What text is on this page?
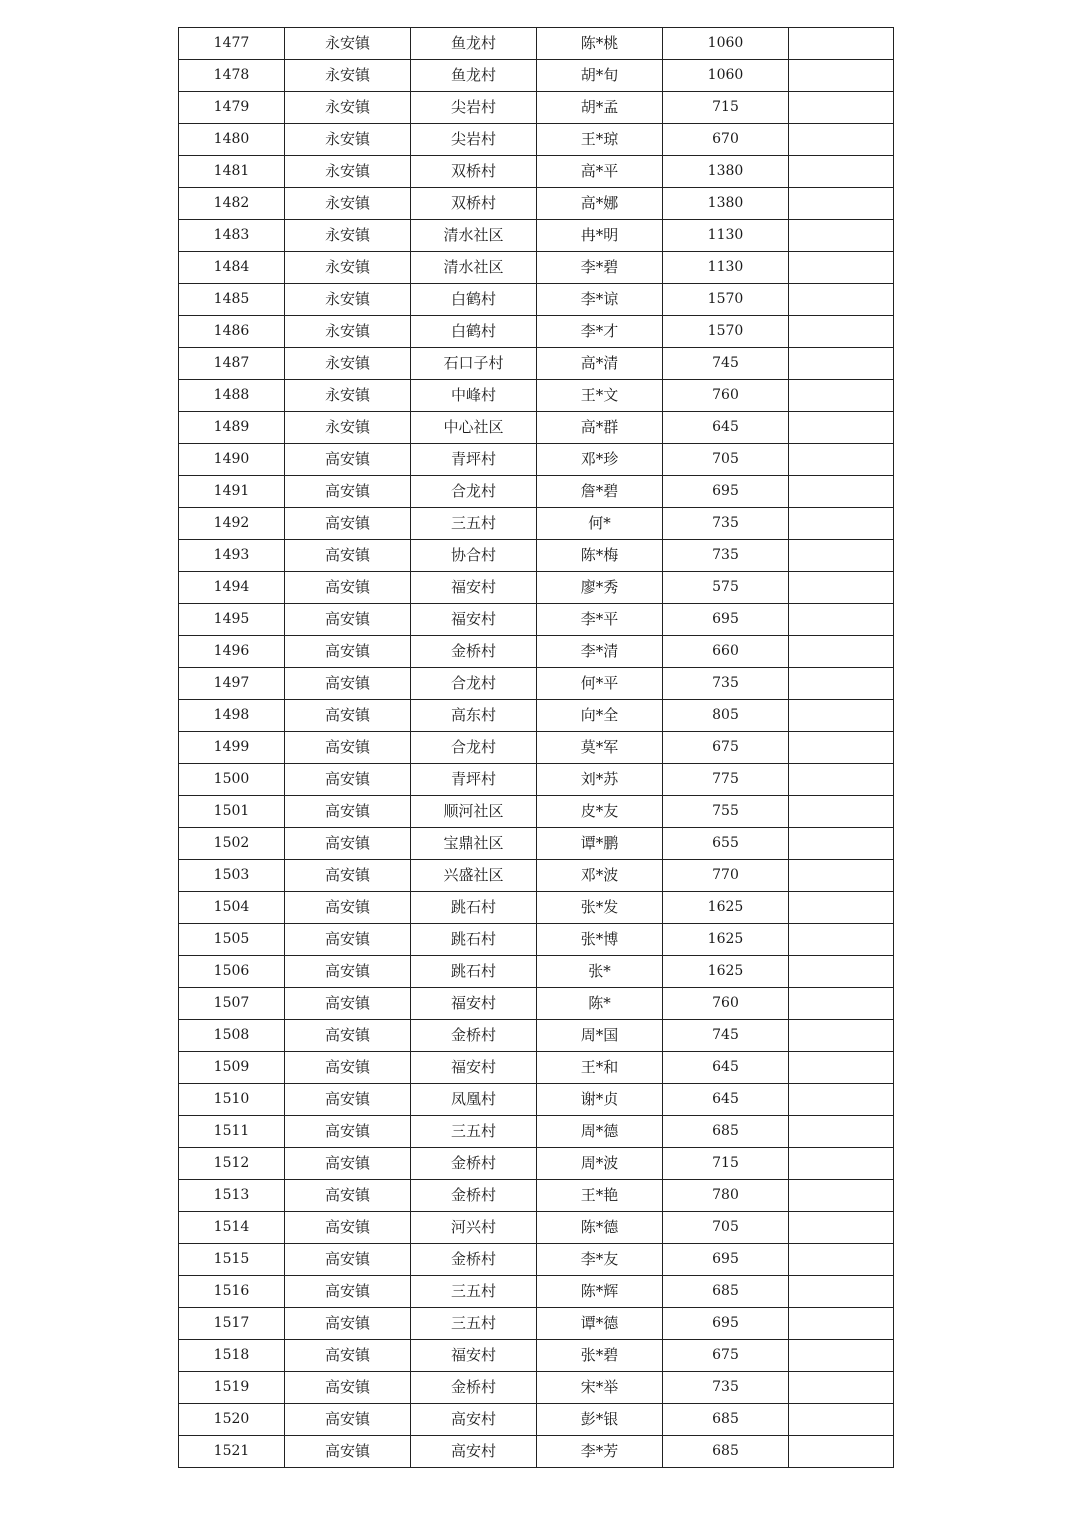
1477	永安镇	鱼龙村	陈*桃	1060	
1478	永安镇	鱼龙村	胡*旬	1060	
1479	永安镇	尖岩村	胡*孟	715	
1480	永安镇	尖岩村	王*琼	670	
1481	永安镇	双桥村	高*平	1380	
1482	永安镇	双桥村	高*娜	1380	
1483	永安镇	清水社区	冉*明	1130	
1484	永安镇	清水社区	李*碧	1130	
1485	永安镇	白鹤村	李*谅	1570	
1486	永安镇	白鹤村	李*才	1570	
1487	永安镇	石口子村	高*清	745	
1488	永安镇	中峰村	王*文	760	
1489	永安镇	中心社区	高*群	645	
1490	高安镇	青坪村	邓*珍	705	
1491	高安镇	合龙村	詹*碧	695	
1492	高安镇	三五村	何*	735	
1493	高安镇	协合村	陈*梅	735	
1494	高安镇	福安村	廖*秀	575	
1495	高安镇	福安村	李*平	695	
1496	高安镇	金桥村	李*清	660	
1497	高安镇	合龙村	何*平	735	
1498	高安镇	高东村	向*全	805	
1499	高安镇	合龙村	莫*军	675	
1500	高安镇	青坪村	刘*苏	775	
1501	高安镇	顺河社区	皮*友	755	
1502	高安镇	宝鼎社区	谭*鹏	655	
1503	高安镇	兴盛社区	邓*波	770	
1504	高安镇	跳石村	张*发	1625	
1505	高安镇	跳石村	张*博	1625	
1506	高安镇	跳石村	张*	1625	
1507	高安镇	福安村	陈*	760	
1508	高安镇	金桥村	周*国	745	
1509	高安镇	福安村	王*和	645	
1510	高安镇	凤凰村	谢*贞	645	
1511	高安镇	三五村	周*德	685	
1512	高安镇	金桥村	周*波	715	
1513	高安镇	金桥村	王*艳	780	
1514	高安镇	河兴村	陈*德	705	
1515	高安镇	金桥村	李*友	695	
1516	高安镇	三五村	陈*辉	685	
1517	高安镇	三五村	谭*德	695	
1518	高安镇	福安村	张*碧	675	
1519	高安镇	金桥村	宋*举	735	
1520	高安镇	高安村	彭*银	685	
1521	高安镇	高安村	李*芳	685	
